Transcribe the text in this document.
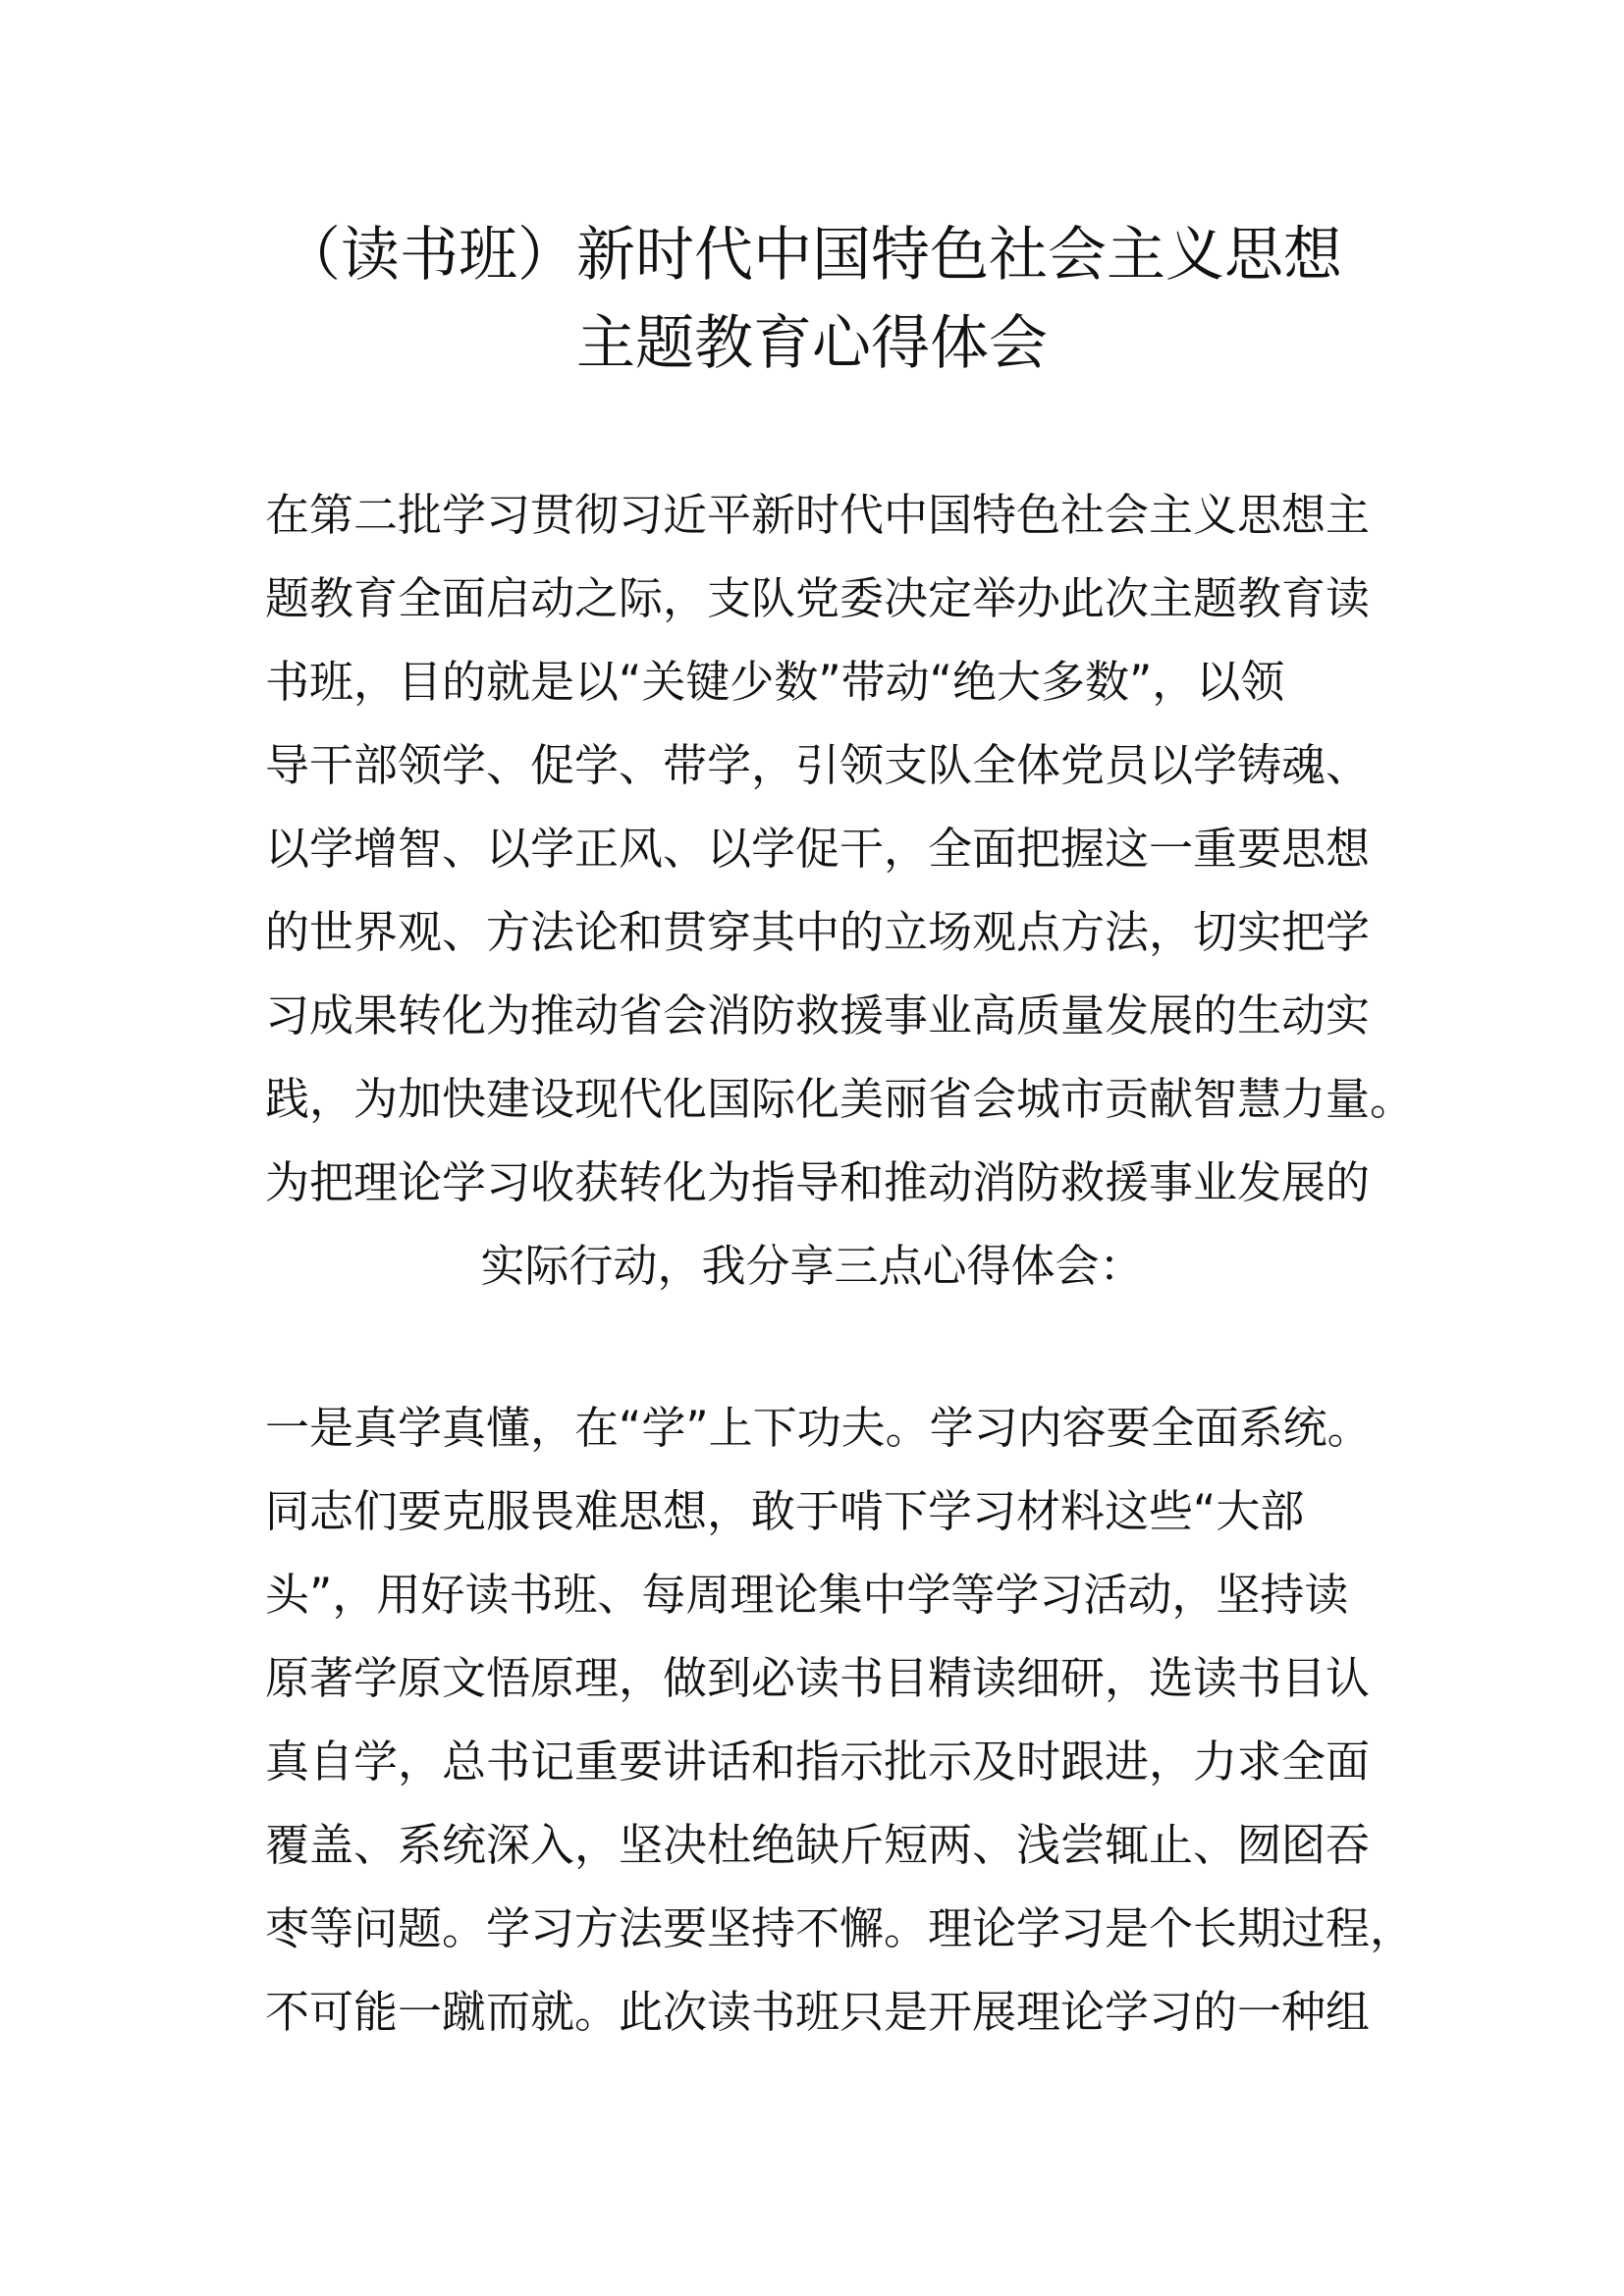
（读书班）新时代中国特色社会主义思想
主题教育心得体会
在第二批学习贯彻习近平新时代中国特色社会主义思想主
题教育全面启动之际，支队党委决定举办此次主题教育读
书班，目的就是以“关键少数”带动“绝大多数”，以领
导干部领学、促学、带学，引领支队全体党员以学铸魂、
以学增智、以学正风、以学促干，全面把握这一重要思想
的世界观、方法论和贯穿其中的立场观点方法，切实把学
习成果转化为推动省会消防救援事业高质量发展的生动实
践，为加快建设现代化国际化美丽省会城市贡献智慧力量。
为把理论学习收获转化为指导和推动消防救援事业发展的
实际行动，我分享三点心得体会：
一是真学真懂，在“学”上下功夫。学习内容要全面系统。
同志们要克服畏难思想，敢于啃下学习材料这些“大部
头”，用好读书班、每周理论集中学等学习活动，坚持读
原著学原文悟原理，做到必读书目精读细研，选读书目认
真自学，总书记重要讲话和指示批示及时跟进，力求全面
覆盖、系统深入，坚决杜绝缺斤短两、浅尝辄止、囫囵吞
枣等问题。学习方法要坚持不懈。理论学习是个长期过程，
不可能一蹴而就。此次读书班只是开展理论学习的一种组
